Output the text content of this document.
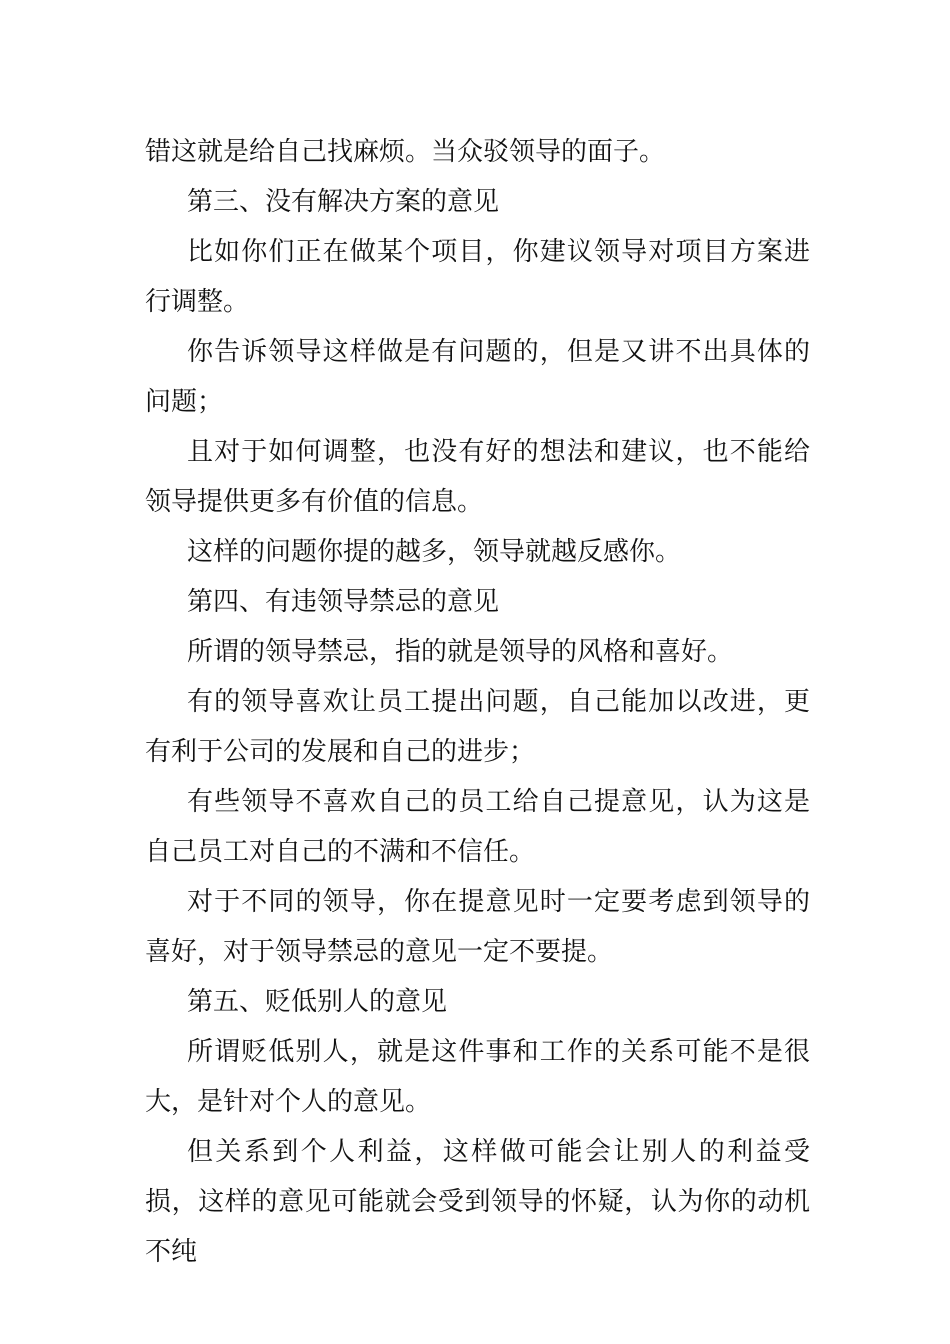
错这就是给自己找麻烦。当众驳领导的面子。

第三、没有解决方案的意见

比如你们正在做某个项目，你建议领导对项目方案进行调整。

你告诉领导这样做是有问题的，但是又讲不出具体的问题；

且对于如何调整，也没有好的想法和建议，也不能给领导提供更多有价值的信息。

这样的问题你提的越多，领导就越反感你。

第四、有违领导禁忌的意见

所谓的领导禁忌，指的就是领导的风格和喜好。

有的领导喜欢让员工提出问题，自己能加以改进，更有利于公司的发展和自己的进步；

有些领导不喜欢自己的员工给自己提意见，认为这是自己员工对自己的不满和不信任。

对于不同的领导，你在提意见时一定要考虑到领导的喜好，对于领导禁忌的意见一定不要提。

第五、贬低别人的意见

所谓贬低别人，就是这件事和工作的关系可能不是很大，是针对个人的意见。

但关系到个人利益，这样做可能会让别人的利益受损，这样的意见可能就会受到领导的怀疑，认为你的动机不纯
